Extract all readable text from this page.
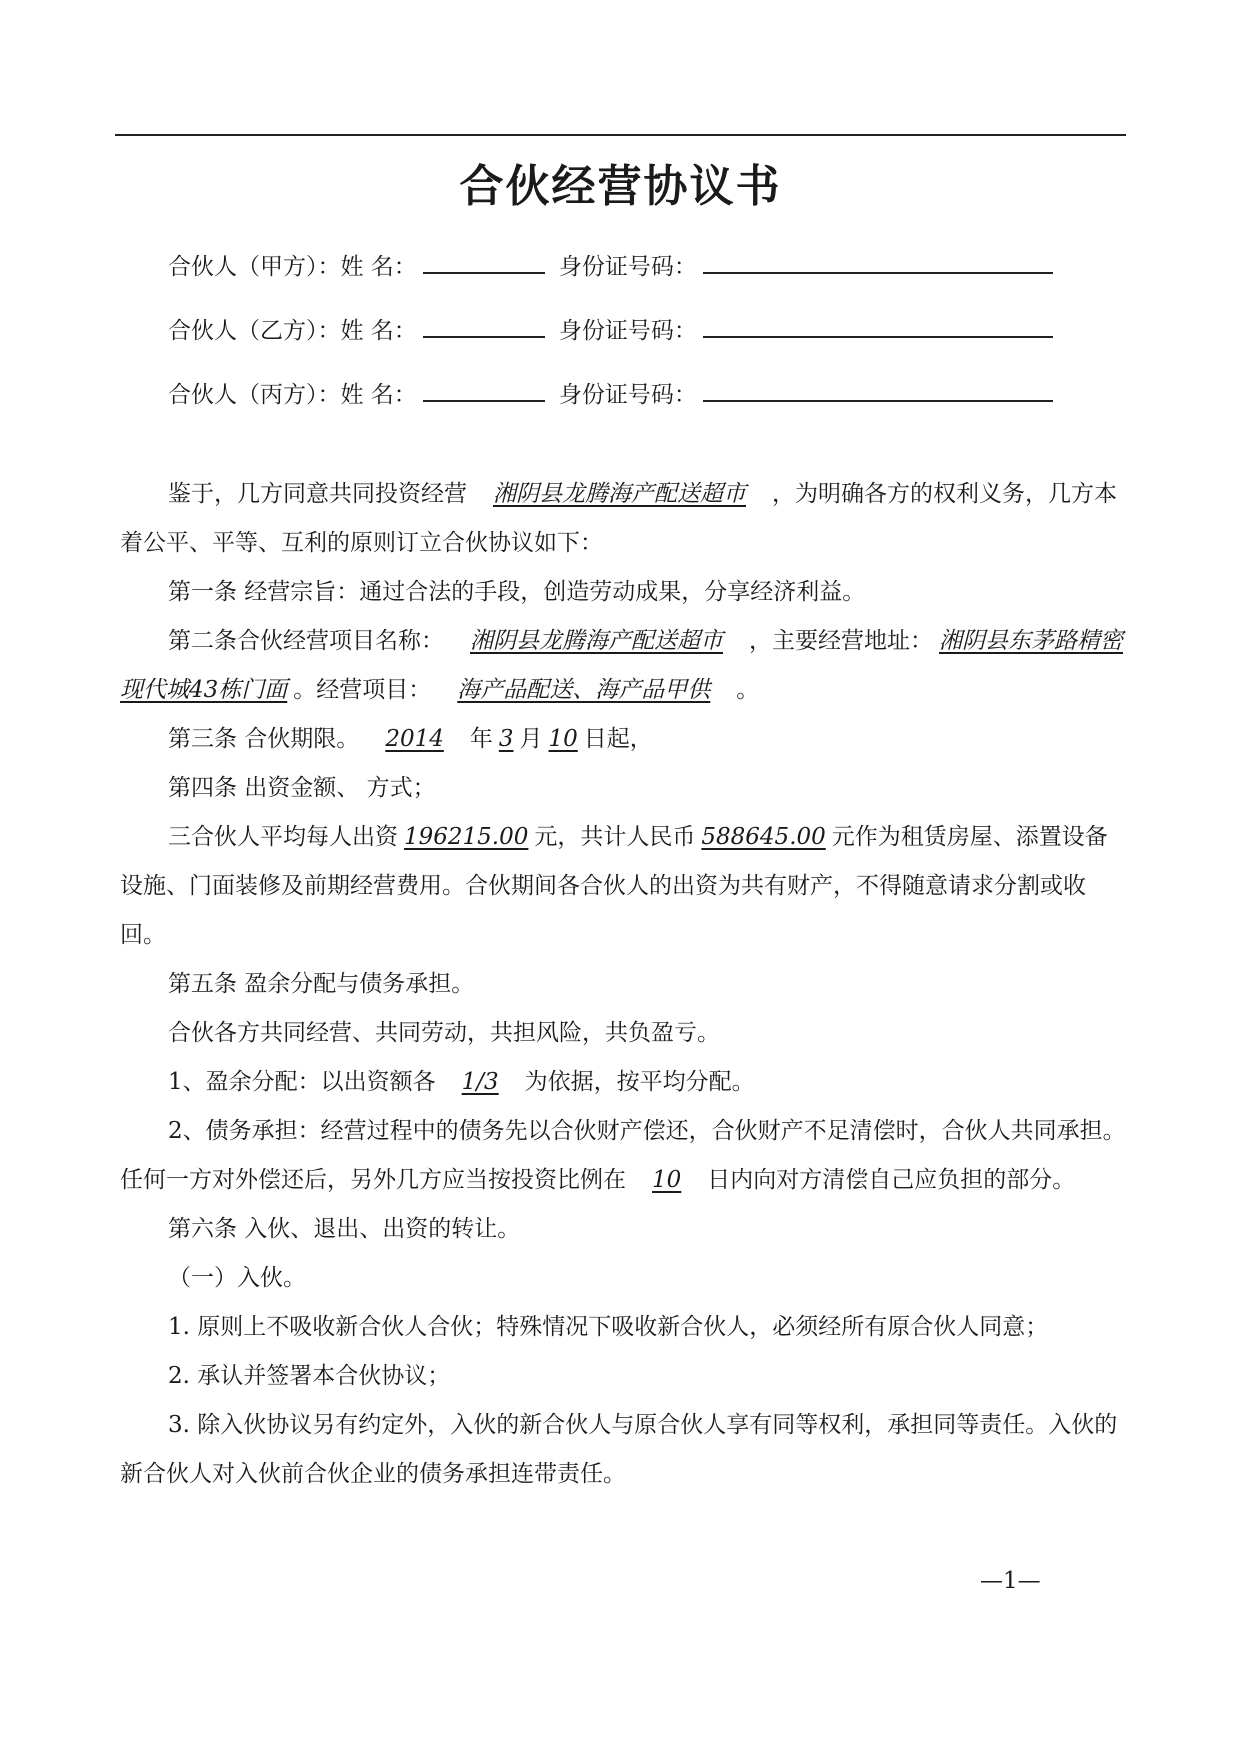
合伙经营协议书
合伙人（甲方）：姓 名：	身份证号码：
合伙人（乙方）：姓 名：	身份证号码：
合伙人（丙方）：姓 名：	身份证号码：

鉴于，几方同意共同投资经营 湘阴县龙腾海产配送超市 ，为明确各方的权利义务，几方本着公平、平等、互利的原则订立合伙协议如下：

第一条 经营宗旨：通过合法的手段，创造劳动成果，分享经济利益。

第二条合伙经营项目名称： 湘阴县龙腾海产配送超市 ，主要经营地址： 湘阴县东茅路精密现代城43栋门面 。经营项目： 海产品配送、海产品甲供 。

第三条 合伙期限。 2014 年 3 月 10 日起，

第四条 出资金额、 方式；

三合伙人平均每人出资 196215.00 元，共计人民币 588645.00 元作为租赁房屋、添置设备设施、门面装修及前期经营费用。合伙期间各合伙人的出资为共有财产，不得随意请求分割或收回。

第五条 盈余分配与债务承担。

合伙各方共同经营、共同劳动，共担风险，共负盈亏。

1、盈余分配：以出资额各 1/3 为依据，按平均分配。

2、债务承担：经营过程中的债务先以合伙财产偿还，合伙财产不足清偿时，合伙人共同承担。 任何一方对外偿还后，另外几方应当按投资比例在 10 日内向对方清偿自己应负担的部分。

第六条 入伙、退出、出资的转让。

（一）入伙。

1. 原则上不吸收新合伙人合伙；特殊情况下吸收新合伙人，必须经所有原合伙人同意；

2. 承认并签署本合伙协议；

3. 除入伙协议另有约定外，入伙的新合伙人与原合伙人享有同等权利，承担同等责任。入伙的新合伙人对入伙前合伙企业的债务承担连带责任。

—1—
